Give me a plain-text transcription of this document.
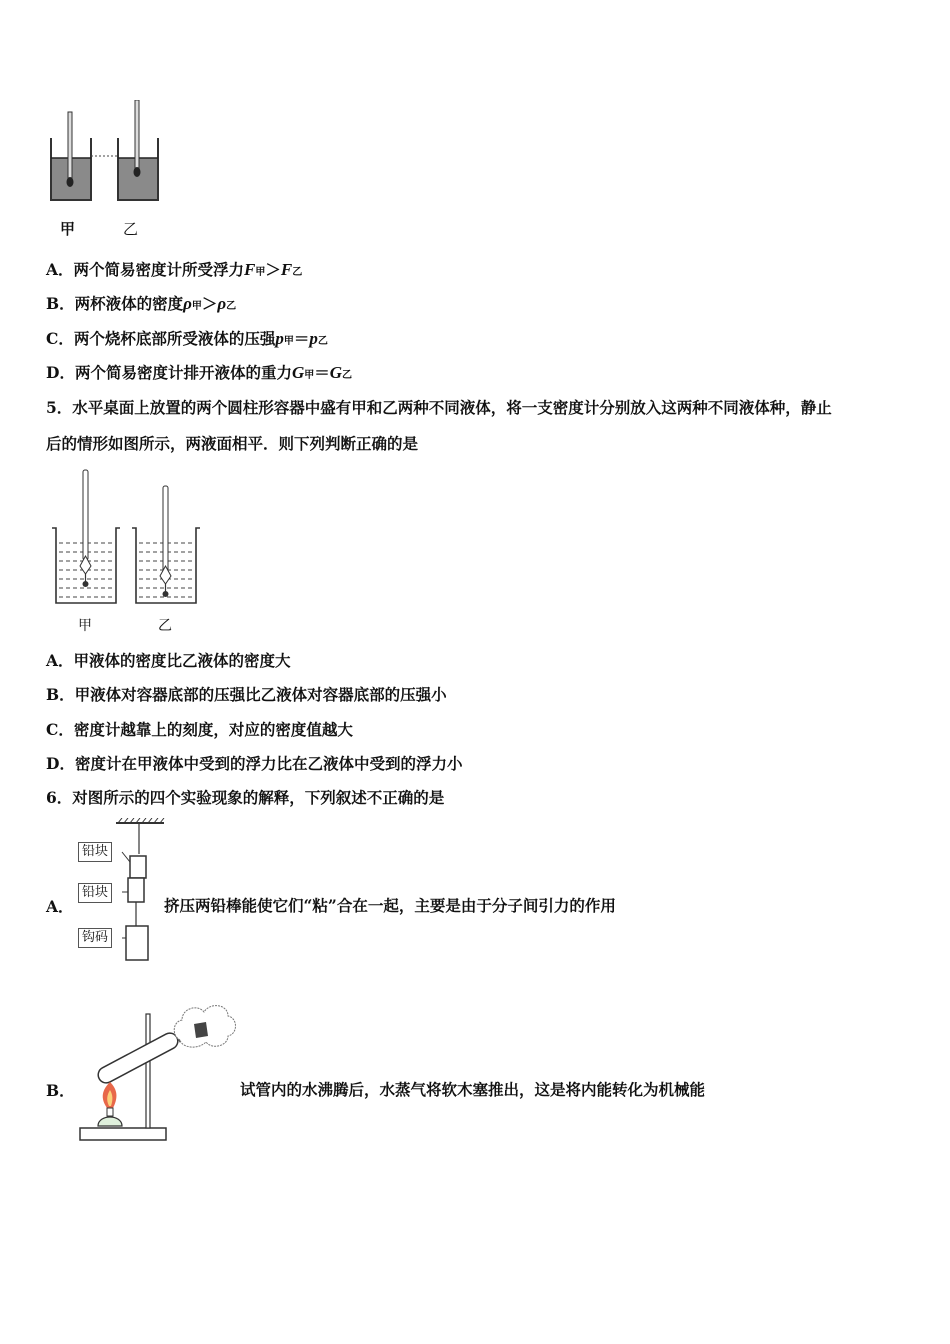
甲	乙
A．两个简易密度计所受浮力F甲＞F乙
B．两杯液体的密度ρ甲＞ρ乙
C．两个烧杯底部所受液体的压强p甲＝p乙
D．两个简易密度计排开液体的重力G甲＝G乙
5．水平桌面上放置的两个圆柱形容器中盛有甲和乙两种不同液体，将一支密度计分别放入这两种不同液体种，静止
后的情形如图所示，两液面相平．则下列判断正确的是
甲	乙
A．甲液体的密度比乙液体的密度大
B．甲液体对容器底部的压强比乙液体对容器底部的压强小
C．密度计越靠上的刻度，对应的密度值越大
D．密度计在甲液体中受到的浮力比在乙液体中受到的浮力小
6．对图所示的四个实验现象的解释，下列叙述不正确的是
A．
铅块
铅块
钩码
挤压两铅棒能使它们“粘”合在一起，主要是由于分子间引力的作用
B．	试管内的水沸腾后，水蒸气将软木塞推出，这是将内能转化为机械能
